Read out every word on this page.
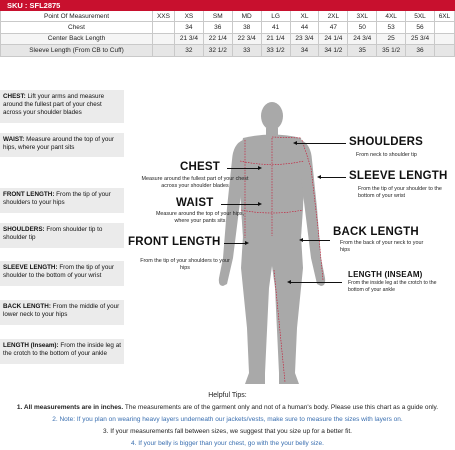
SKU : SFL2875											
Point Of Measurement	XXS	XS	SM	MD	LG	XL	2XL	3XL	4XL	5XL	6XL
Chest		34	36	38	41	44	47	50	53	56	
Center Back Length		21 3/4	22 1/4	22 3/4	21 1/4	23 3/4	24 1/4	24 3/4	25	25 3/4	
Sleeve Length (From CB to Cuff)		32	32 1/2	33	33 1/2	34	34 1/2	35	35 1/2	36	
CHEST: Lift your arms and measure around the fullest part of your chest across your shoulder blades
WAIST: Measure around the top of your hips, where your pant sits
FRONT LENGTH: From the tip of your shoulders to your hips
SHOULDERS: From shoulder tip to shoulder tip
SLEEVE LENGTH: From the tip of your shoulder to the bottom of your wrist
BACK LENGTH: From the middle of your lower neck to your hips
LENGTH (Inseam): From the inside leg at the crotch to the bottom of your ankle
CHEST
Measure around the fullest part of your chest across your shoulder blades
WAIST
Measure around the top of your hips, where your pants sits
FRONT LENGTH
From the tip of your shoulders to your hips
SHOULDERS
From neck to shoulder tip
SLEEVE LENGTH
From the tip of your shoulder to the bottom of your wrist
BACK LENGTH
From the back of your neck to your hips
LENGTH (INSEAM)
From the inside leg at the crotch to the bottom of your ankle
Helpful Tips:
1. All measurements are in inches. The measurements are of the garment only and not of a human's body. Please use this chart as a guide only.
2. Note: If you plan on wearing heavy layers underneath our jackets/vests, make sure to measure the sizes with layers on.
3. If your measurements fall between sizes, we suggest that you size up for a better fit.
4. If your belly is bigger than your chest, go with the your belly size.
